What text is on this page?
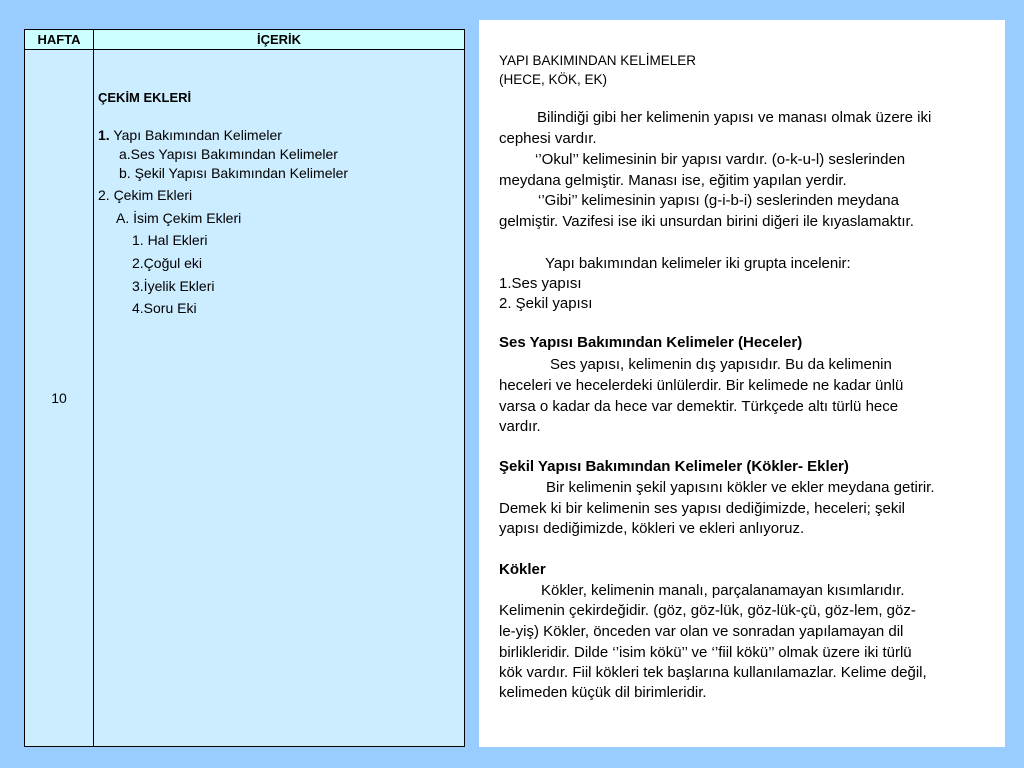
HAFTA	İÇERİK
10
ÇEKİM EKLERİ
1. Yapı Bakımından Kelimeler
a.Ses Yapısı Bakımından Kelimeler
b. Şekil Yapısı Bakımından Kelimeler
2. Çekim Ekleri
A. İsim Çekim Ekleri
1. Hal Ekleri
2.Çoğul eki
3.İyelik Ekleri
4.Soru Eki
YAPI BAKIMINDAN KELİMELER
(HECE, KÖK, EK)
Bilindiği gibi her kelimenin yapısı ve manası olmak üzere iki
cephesi vardır.
‘’Okul’’ kelimesinin bir yapısı vardır. (o-k-u-l) seslerinden
meydana gelmiştir. Manası ise, eğitim yapılan yerdir.
‘’Gibi’’ kelimesinin yapısı (g-i-b-i) seslerinden meydana
gelmiştir. Vazifesi ise iki unsurdan birini diğeri ile kıyaslamaktır.
Yapı bakımından kelimeler iki grupta incelenir:
1.Ses yapısı
2. Şekil yapısı
Ses Yapısı Bakımından Kelimeler (Heceler)
Ses yapısı, kelimenin dış yapısıdır. Bu da kelimenin
heceleri ve hecelerdeki ünlülerdir. Bir kelimede ne kadar ünlü
varsa o kadar da hece var demektir. Türkçede altı türlü hece
vardır.
Şekil Yapısı Bakımından Kelimeler (Kökler- Ekler)
Bir kelimenin şekil yapısını kökler ve ekler meydana getirir.
Demek ki bir kelimenin ses yapısı dediğimizde, heceleri; şekil
yapısı dediğimizde, kökleri ve ekleri anlıyoruz.
Kökler
Kökler, kelimenin manalı, parçalanamayan kısımlarıdır.
Kelimenin çekirdeğidir. (göz, göz-lük, göz-lük-çü, göz-lem, göz-
le-yiş) Kökler, önceden var olan ve sonradan yapılamayan dil
birlikleridir. Dilde ‘’isim kökü’’ ve ‘’fiil kökü’’ olmak üzere iki türlü
kök vardır. Fiil kökleri tek başlarına kullanılamazlar. Kelime değil,
kelimeden küçük dil birimleridir.
